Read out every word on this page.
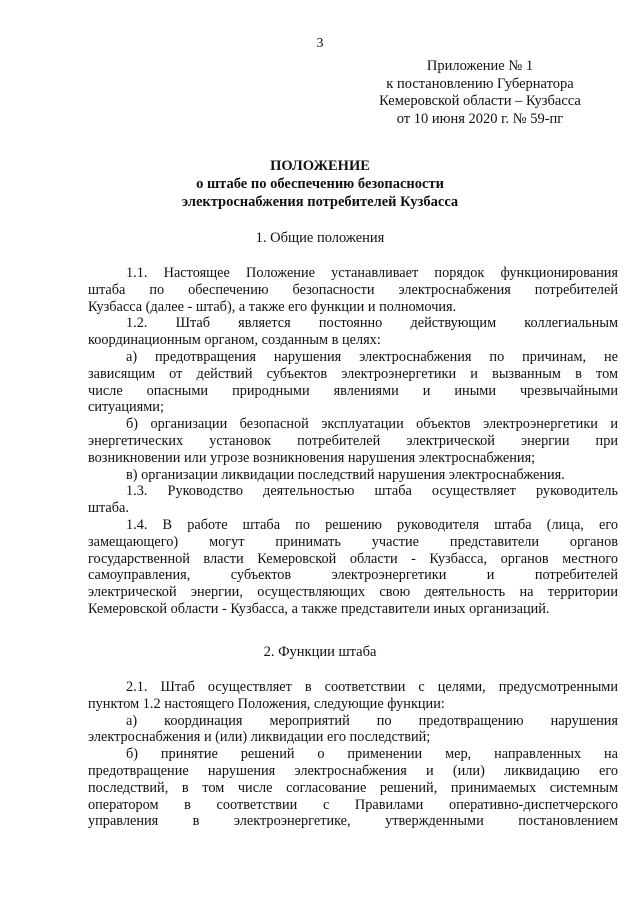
3
Приложение № 1
к постановлению Губернатора
Кемеровской области – Кузбасса
от 10 июня 2020 г. № 59-пг
ПОЛОЖЕНИЕ
о штабе по обеспечению безопасности
электроснабжения потребителей Кузбасса
1. Общие положения

1.1. Настоящее Положение устанавливает порядок функционирования

штаба по обеспечению безопасности электроснабжения потребителей

Кузбасса (далее - штаб), а также его функции и полномочия.

1.2. Штаб является постоянно действующим коллегиальным

координационным органом, созданным в целях:

а) предотвращения нарушения электроснабжения по причинам, не

зависящим от действий субъектов электроэнергетики и вызванным в том

числе опасными природными явлениями и иными чрезвычайными

ситуациями;

б) организации безопасной эксплуатации объектов электроэнергетики и

энергетических установок потребителей электрической энергии при

возникновении или угрозе возникновения нарушения электроснабжения;

в) организации ликвидации последствий нарушения электроснабжения.

1.3. Руководство деятельностью штаба осуществляет руководитель

штаба.

1.4. В работе штаба по решению руководителя штаба (лица, его

замещающего) могут принимать участие представители органов

государственной власти Кемеровской области - Кузбасса, органов местного

самоуправления, субъектов электроэнергетики и потребителей

электрической энергии, осуществляющих свою деятельность на территории

Кемеровской области - Кузбасса, а также представители иных организаций.

2. Функции штаба

2.1. Штаб осуществляет в соответствии с целями, предусмотренными

пунктом 1.2 настоящего Положения, следующие функции:

а) координация мероприятий по предотвращению нарушения

электроснабжения и (или) ликвидации его последствий;

б) принятие решений о применении мер, направленных на

предотвращение нарушения электроснабжения и (или) ликвидацию его

последствий, в том числе согласование решений, принимаемых системным

оператором в соответствии с Правилами оперативно-диспетчерского

управления в электроэнергетике, утвержденными постановлением
